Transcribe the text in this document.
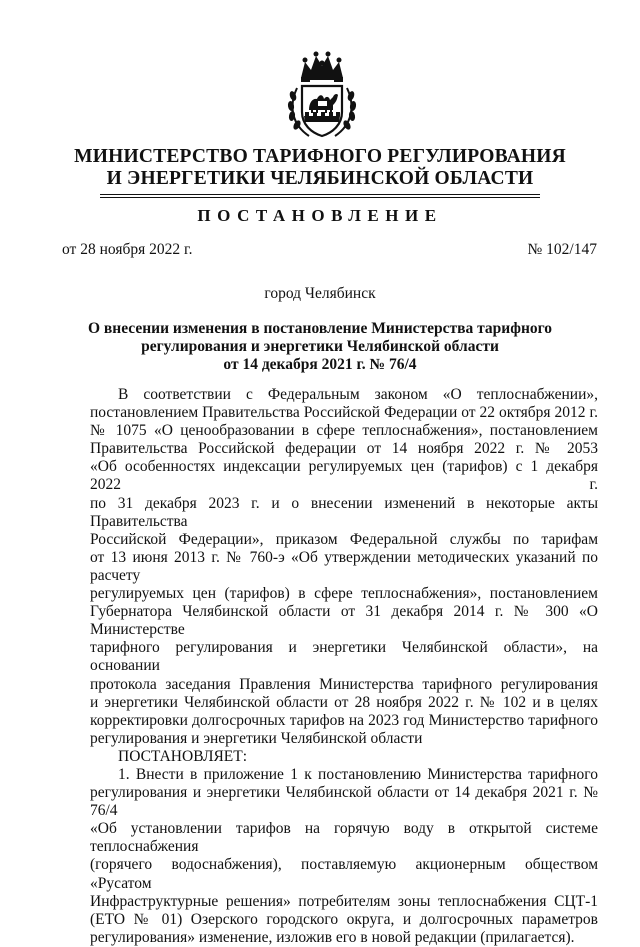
МИНИСТЕРСТВО ТАРИФНОГО РЕГУЛИРОВАНИЯ
И ЭНЕРГЕТИКИ ЧЕЛЯБИНСКОЙ ОБЛАСТИ
ПОСТАНОВЛЕНИЕ
от 28 ноября 2022 г.	№ 102/147
город Челябинск
О внесении изменения в постановление Министерства тарифного
регулирования и энергетики Челябинской области
от 14 декабря 2021 г. № 76/4

В соответствии с Федеральным законом «О теплоснабжении»,

постановлением Правительства Российской Федерации от 22 октября 2012 г.

№ 1075 «О ценообразовании в сфере теплоснабжения», постановлением

Правительства Российской федерации от 14 ноября 2022 г. № 2053

«Об особенностях индексации регулируемых цен (тарифов) с 1 декабря 2022 г.

по 31 декабря 2023 г. и о внесении изменений в некоторые акты Правительства

Российской Федерации», приказом Федеральной службы по тарифам

от 13 июня 2013 г. № 760-э «Об утверждении методических указаний по расчету

регулируемых цен (тарифов) в сфере теплоснабжения», постановлением

Губернатора Челябинской области от 31 декабря 2014 г. № 300 «О Министерстве

тарифного регулирования и энергетики Челябинской области», на основании

протокола заседания Правления Министерства тарифного регулирования

и энергетики Челябинской области от 28 ноября 2022 г. № 102 и в целях

корректировки долгосрочных тарифов на 2023 год Министерство тарифного

регулирования и энергетики Челябинской области

ПОСТАНОВЛЯЕТ:

1. Внести в приложение 1 к постановлению Министерства тарифного

регулирования и энергетики Челябинской области от 14 декабря 2021 г. № 76/4

«Об установлении тарифов на горячую воду в открытой системе теплоснабжения

(горячего водоснабжения), поставляемую акционерным обществом «Русатом

Инфраструктурные решения» потребителям зоны теплоснабжения СЦТ-1

(ЕТО № 01) Озерского городского округа, и долгосрочных параметров

регулирования» изменение, изложив его в новой редакции (прилагается).
